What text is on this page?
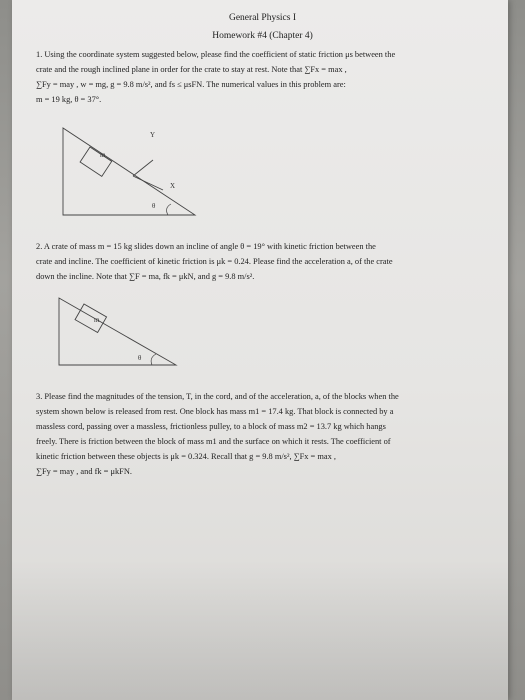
General Physics I
Homework #4 (Chapter 4)
1. Using the coordinate system suggested below, please find the coefficient of static friction μs between the
crate and the rough inclined plane in order for the crate to stay at rest. Note that ∑Fx = max ,
∑Fy = may , w = mg, g = 9.8 m/s², and fs ≤ μsFN. The numerical values in this problem are:
m = 19 kg, θ = 37°.
m
Y
X
θ
2. A crate of mass m = 15 kg slides down an incline of angle θ = 19° with kinetic friction between the
crate and incline. The coefficient of kinetic friction is μk = 0.24. Please find the acceleration a, of the crate
down the incline. Note that ∑F = ma, fk = μkN, and g = 9.8 m/s².
m
θ
3. Please find the magnitudes of the tension, T, in the cord, and of the acceleration, a, of the blocks when the
system shown below is released from rest. One block has mass m1 = 17.4 kg. That block is connected by a
massless cord, passing over a massless, frictionless pulley, to a block of mass m2 = 13.7 kg which hangs
freely. There is friction between the block of mass m1 and the surface on which it rests. The coefficient of
kinetic friction between these objects is μk = 0.324. Recall that g = 9.8 m/s², ∑Fx = max ,
∑Fy = may , and fk = μkFN.
